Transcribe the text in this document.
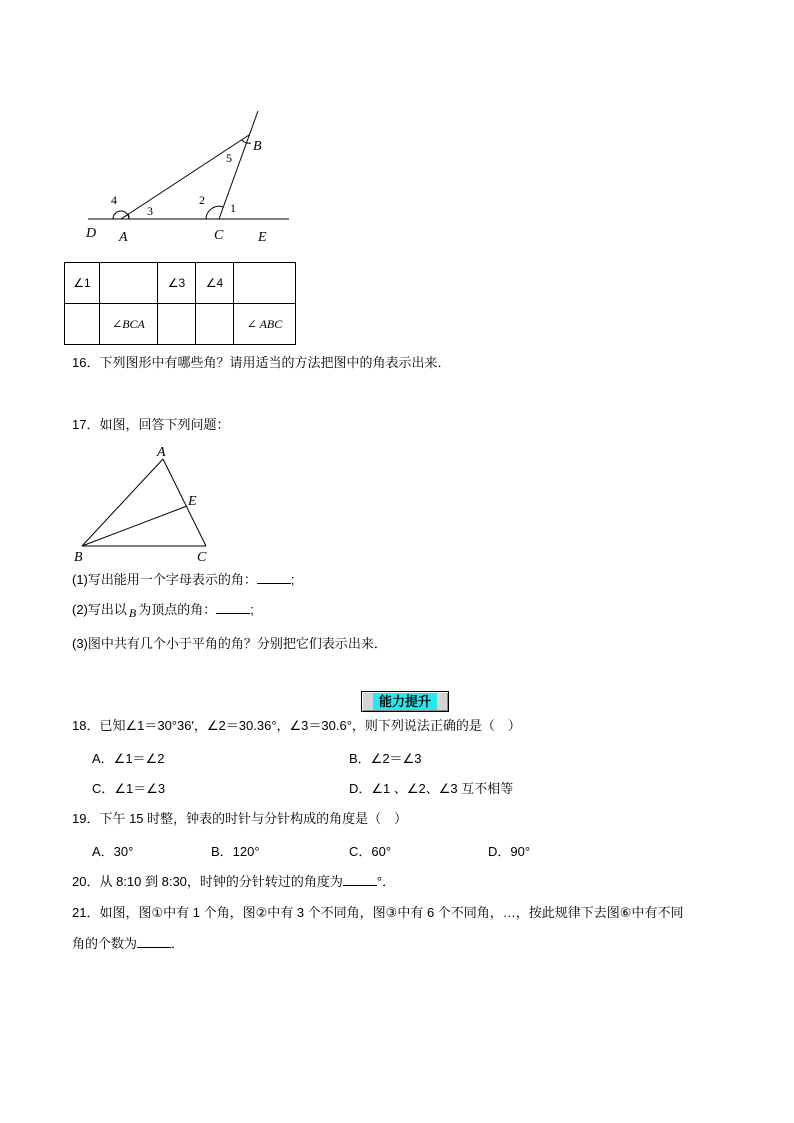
D A	C E
B
1
2
3
4
5
∠1		∠3	∠4	
	∠BCA			∠ ABC
16．下列图形中有哪些角？请用适当的方法把图中的角表示出来．
17．如图，回答下列问题：
A
B	C
E
(1)写出能用一个字母表示的角：	;
(2)写出以 B 为顶点的角：	;
(3)图中共有几个小于平角的角？分别把它们表示出来．
能力提升
18．已知∠1＝30°36′，∠2＝30.36°，∠3＝30.6°，则下列说法正确的是（　）
A．∠1＝∠2	B．∠2＝∠3
C．∠1＝∠3	D．∠1 、∠2、∠3 互不相等
19．下午 15 时整，钟表的时针与分针构成的角度是（　）
A．30°	B．120°	C．60°	D．90°
20．从 8:10 到 8:30，时钟的分针转过的角度为	°．
21．如图，图①中有 1 个角，图②中有 3 个不同角，图③中有 6 个不同角，…，按此规律下去图⑥中有不同
角的个数为	．
